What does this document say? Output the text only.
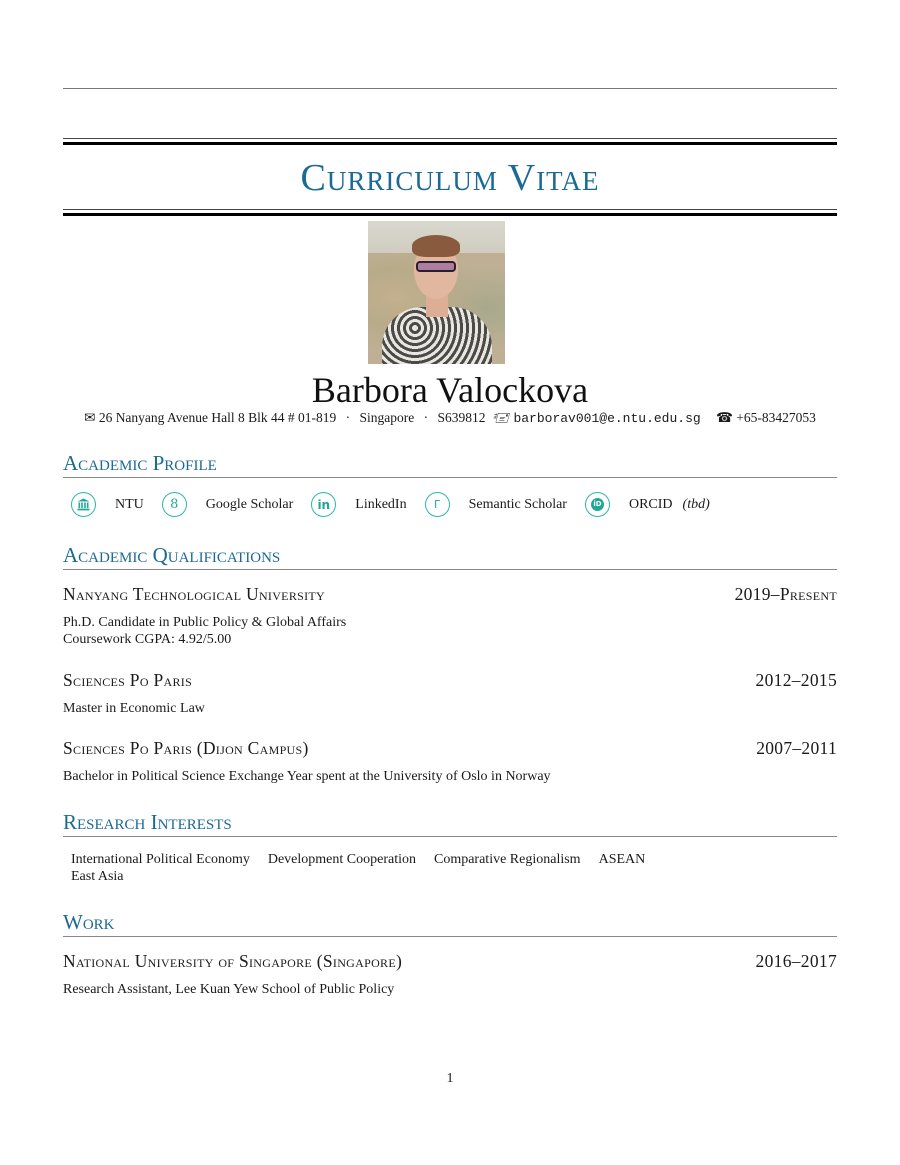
Curriculum Vitae
Barbora Valockova
✉ 26 Nanyang Avenue Hall 8 Blk 44 # 01-819 · Singapore · S639812 🖅 barborav001@e.ntu.edu.sg ☎ +65-83427053
Academic Profile
NTU	8	Google Scholar	in	LinkedIn	Γ	Semantic Scholar	iD ORCID (tbd)
Academic Qualifications
Nanyang Technological University	2019–Present
Ph.D. Candidate in Public Policy & Global Affairs
Coursework CGPA: 4.92/5.00
Sciences Po Paris	2012–2015
Master in Economic Law
Sciences Po Paris (Dijon Campus)	2007–2011
Bachelor in Political Science Exchange Year spent at the University of Oslo in Norway
Research Interests
International Political Economy Development Cooperation Comparative Regionalism ASEAN
East Asia
Work
National University of Singapore (Singapore)	2016–2017
Research Assistant, Lee Kuan Yew School of Public Policy
1
